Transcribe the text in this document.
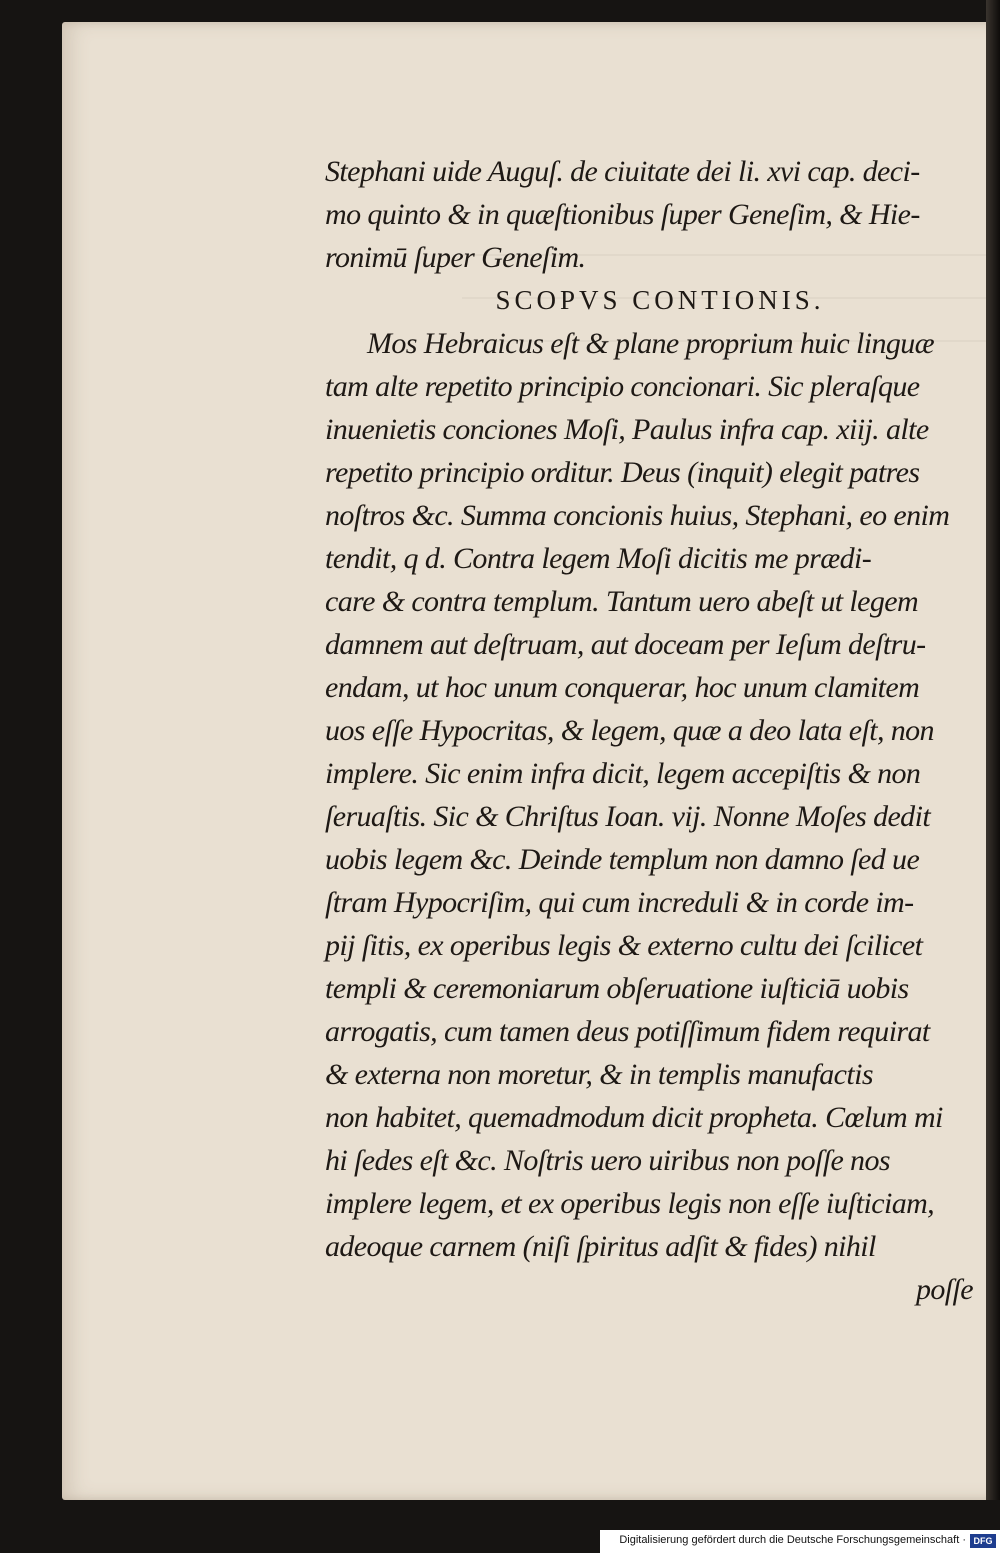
Stephani uide Auguſ. de ciuitate dei li. xvi cap. deci-
mo quinto & in quæſtionibus ſuper Geneſim, & Hie-
ronimū ſuper Geneſim.
SCOPVS CONTIONIS.
Mos Hebraicus eſt & plane proprium huic linguæ
tam alte repetito principio concionari. Sic pleraſque
inuenietis conciones Moſi, Paulus infra cap. xiij. alte
repetito principio orditur. Deus (inquit) elegit patres
noſtros &c. Summa concionis huius, Stephani, eo enim
tendit, q d. Contra legem Moſi dicitis me prædi-
care & contra templum. Tantum uero abeſt ut legem
damnem aut deſtruam, aut doceam per Ieſum deſtru-
endam, ut hoc unum conquerar, hoc unum clamitem
uos eſſe Hypocritas, & legem, quæ a deo lata eſt, non
implere. Sic enim infra dicit, legem accepiſtis & non
ſeruaſtis. Sic & Chriſtus Ioan. vij. Nonne Moſes dedit
uobis legem &c. Deinde templum non damno ſed ue
ſtram Hypocriſim, qui cum increduli & in corde im-
pij ſitis, ex operibus legis & externo cultu dei ſcilicet
templi & ceremoniarum obſeruatione iuſticiā uobis
arrogatis, cum tamen deus potiſſimum fidem requirat
& externa non moretur, & in templis manufactis
non habitet, quemadmodum dicit propheta. Cœlum mi
hi ſedes eſt &c. Noſtris uero uiribus non poſſe nos
implere legem, et ex operibus legis non eſſe iuſticiam,
adeoque carnem (niſi ſpiritus adſit & fides) nihil
poſſe
Digitalisierung gefördert durch die Deutsche Forschungsgemeinschaft · DFG
